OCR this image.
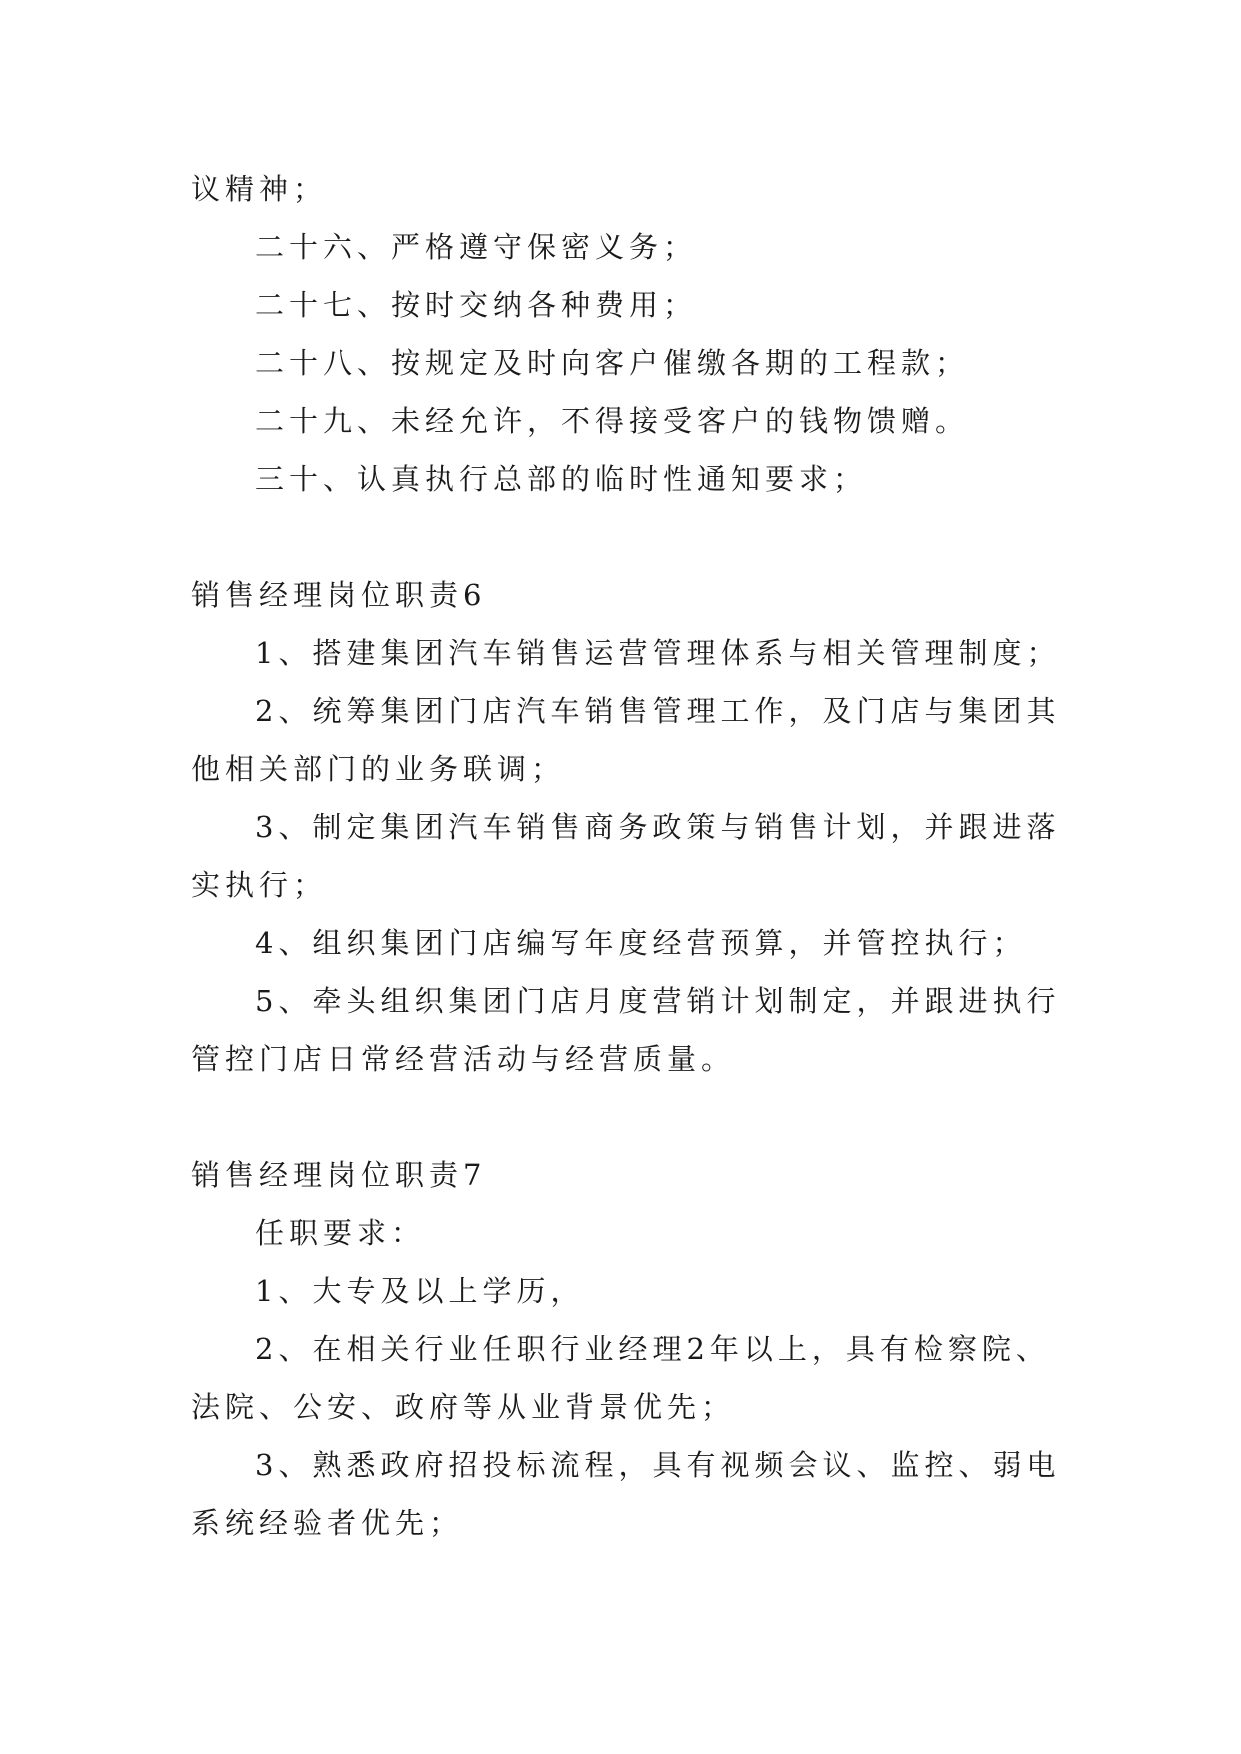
议精神；

二十六、严格遵守保密义务；

二十七、按时交纳各种费用；

二十八、按规定及时向客户催缴各期的工程款；

二十九、未经允许，不得接受客户的钱物馈赠。

三十、认真执行总部的临时性通知要求；

销售经理岗位职责6

1、搭建集团汽车销售运营管理体系与相关管理制度；

2、统筹集团门店汽车销售管理工作，及门店与集团其

他相关部门的业务联调；

3、制定集团汽车销售商务政策与销售计划，并跟进落

实执行；

4、组织集团门店编写年度经营预算，并管控执行；

5、牵头组织集团门店月度营销计划制定，并跟进执行

管控门店日常经营活动与经营质量。

销售经理岗位职责7

任职要求：

1、大专及以上学历，

2、在相关行业任职行业经理2年以上，具有检察院、

法院、公安、政府等从业背景优先；

3、熟悉政府招投标流程，具有视频会议、监控、弱电

系统经验者优先；
